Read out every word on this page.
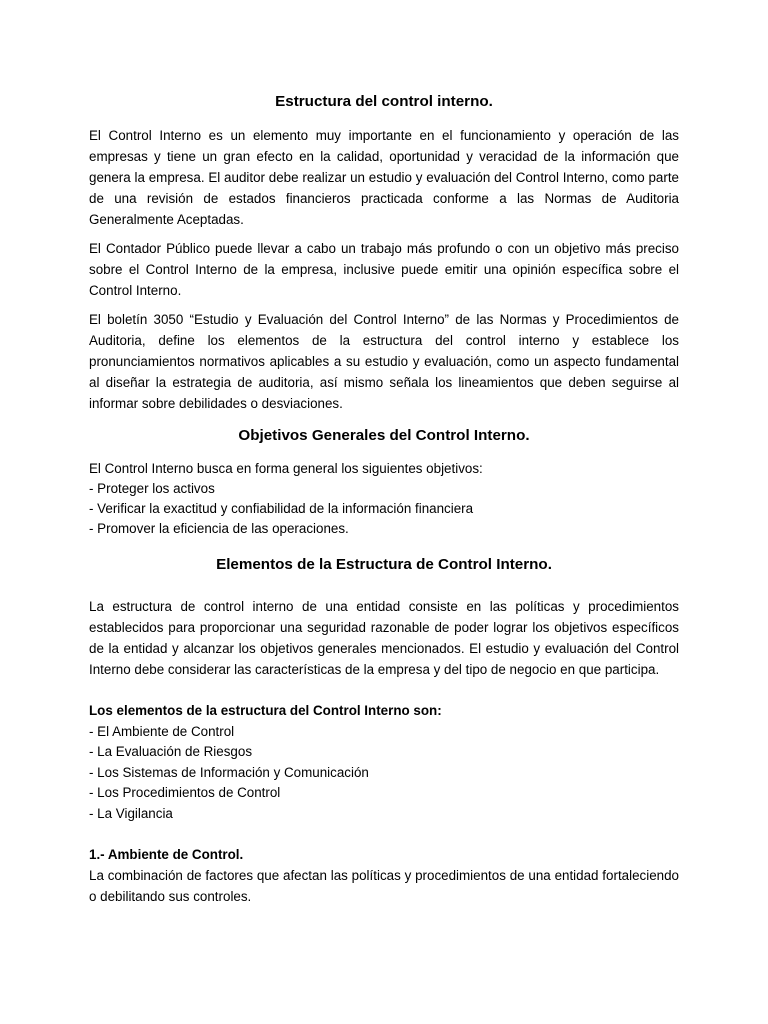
Estructura del control interno.

El Control Interno es un elemento muy importante en el funcionamiento y operación de las empresas y tiene un gran efecto en la calidad, oportunidad y veracidad de la información que genera la empresa. El auditor debe realizar un estudio y evaluación del Control Interno, como parte de una revisión de estados financieros practicada conforme a las Normas de Auditoria Generalmente Aceptadas.

El Contador Público puede llevar a cabo un trabajo más profundo o con un objetivo más preciso sobre el Control Interno de la empresa, inclusive puede emitir una opinión específica sobre el Control Interno.

El boletín 3050 “Estudio y Evaluación del Control Interno” de las Normas y Procedimientos de Auditoria, define los elementos de la estructura del control interno y establece los pronunciamientos normativos aplicables a su estudio y evaluación, como un aspecto fundamental al diseñar la estrategia de auditoria, así mismo señala los lineamientos que deben seguirse al informar sobre debilidades o desviaciones.

Objetivos Generales del Control Interno.

El Control Interno busca en forma general los siguientes objetivos:

- Proteger los activos
- Verificar la exactitud y confiabilidad de la información financiera
- Promover la eficiencia de las operaciones.
Elementos de la Estructura de Control Interno.

La estructura de control interno de una entidad consiste en las políticas y procedimientos establecidos para proporcionar una seguridad razonable de poder lograr los objetivos específicos de la entidad y alcanzar los objetivos generales mencionados. El estudio y evaluación del Control Interno debe considerar las características de la empresa y del tipo de negocio en que participa.

Los elementos de la estructura del Control Interno son:

- El Ambiente de Control
- La Evaluación de Riesgos
- Los Sistemas de Información y Comunicación
- Los Procedimientos de Control
- La Vigilancia

1.- Ambiente de Control.

La combinación de factores que afectan las políticas y procedimientos de una entidad fortaleciendo o debilitando sus controles.
